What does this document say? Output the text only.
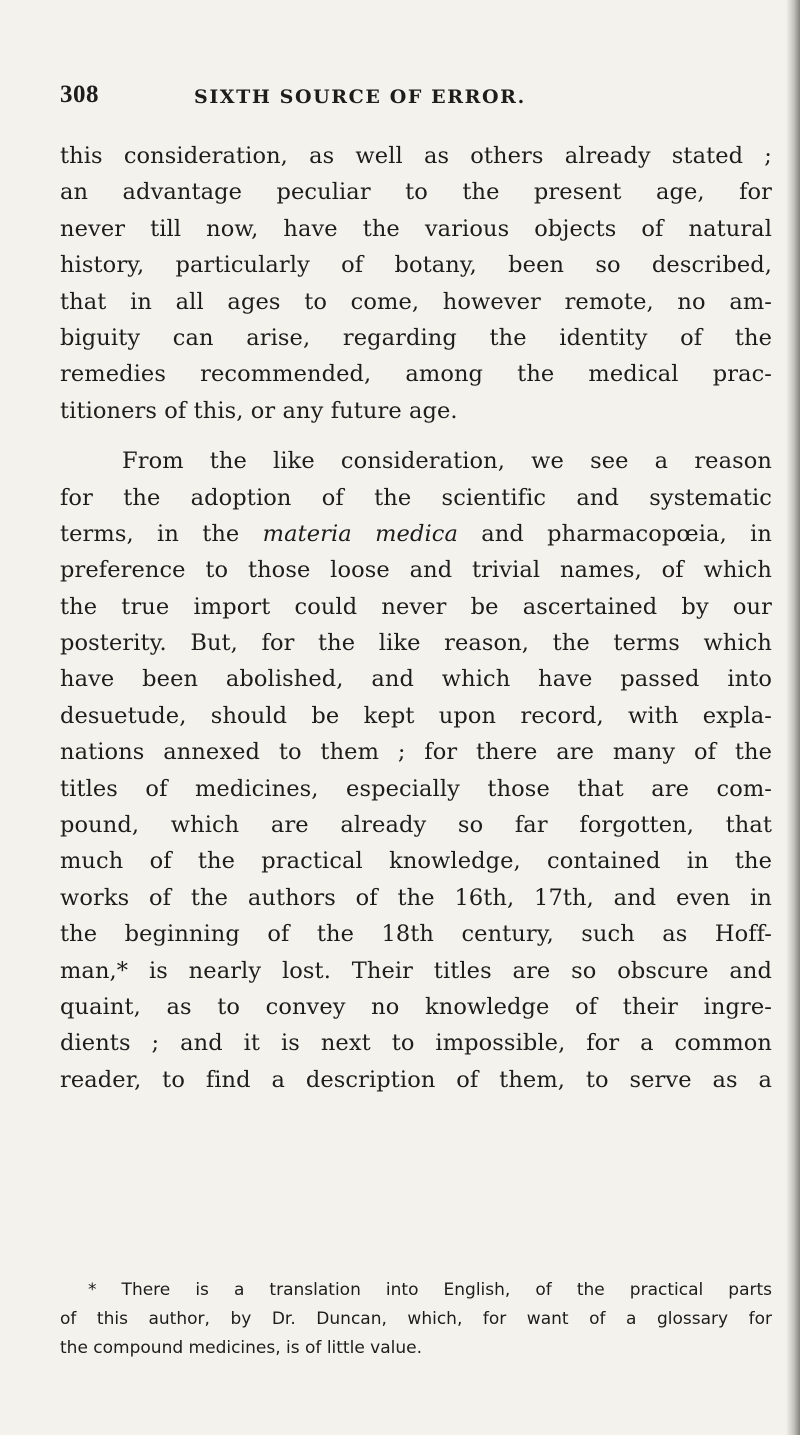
308	SIXTH SOURCE OF ERROR.
this consideration, as well as others already stated ;
an advantage peculiar to the present age, for
never till now, have the various objects of natural
history, particularly of botany, been so described,
that in all ages to come, however remote, no am-
biguity can arise, regarding the identity of the
remedies recommended, among the medical prac-
titioners of this, or any future age.
From the like consideration, we see a reason
for the adoption of the scientific and systematic
terms, in the materia medica and pharmacopœia, in
preference to those loose and trivial names, of which
the true import could never be ascertained by our
posterity. But, for the like reason, the terms which
have been abolished, and which have passed into
desuetude, should be kept upon record, with expla-
nations annexed to them ; for there are many of the
titles of medicines, especially those that are com-
pound, which are already so far forgotten, that
much of the practical knowledge, contained in the
works of the authors of the 16th, 17th, and even in
the beginning of the 18th century, such as Hoff-
man,* is nearly lost. Their titles are so obscure and
quaint, as to convey no knowledge of their ingre-
dients ; and it is next to impossible, for a common
reader, to find a description of them, to serve as a
* There is a translation into English, of the practical parts
of this author, by Dr. Duncan, which, for want of a glossary for
the compound medicines, is of little value.
